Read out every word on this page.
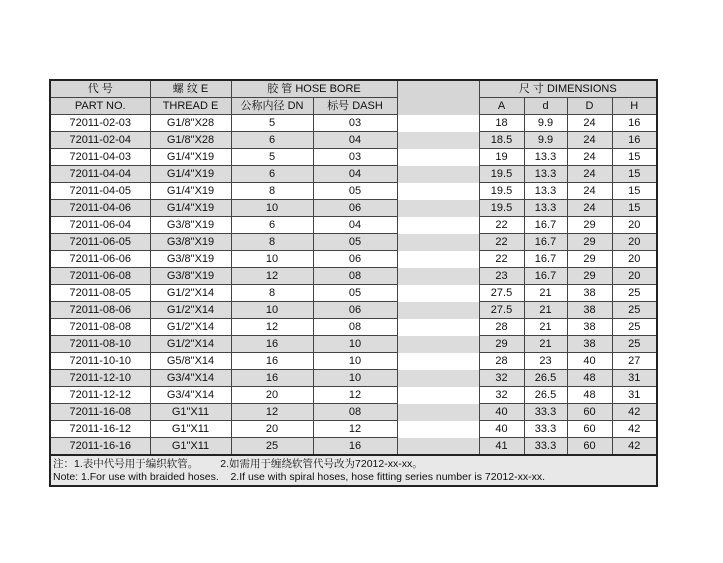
代 号	螺 纹 E	胶 管 HOSE BORE			尺 寸 DIMENSIONS			
PART NO.	THREAD E	公称内径 DN	标号 DASH		A	d	D	H
72011-02-03	G1/8"X28	5	03		18	9.9	24	16
72011-02-04	G1/8"X28	6	04		18.5	9.9	24	16
72011-04-03	G1/4"X19	5	03		19	13.3	24	15
72011-04-04	G1/4"X19	6	04		19.5	13.3	24	15
72011-04-05	G1/4"X19	8	05		19.5	13.3	24	15
72011-04-06	G1/4"X19	10	06		19.5	13.3	24	15
72011-06-04	G3/8"X19	6	04		22	16.7	29	20
72011-06-05	G3/8"X19	8	05		22	16.7	29	20
72011-06-06	G3/8"X19	10	06		22	16.7	29	20
72011-06-08	G3/8"X19	12	08		23	16.7	29	20
72011-08-05	G1/2"X14	8	05		27.5	21	38	25
72011-08-06	G1/2"X14	10	06		27.5	21	38	25
72011-08-08	G1/2"X14	12	08		28	21	38	25
72011-08-10	G1/2"X14	16	10		29	21	38	25
72011-10-10	G5/8"X14	16	10		28	23	40	27
72011-12-10	G3/4"X14	16	10		32	26.5	48	31
72011-12-12	G3/4"X14	20	12		32	26.5	48	31
72011-16-08	G1"X11	12	08		40	33.3	60	42
72011-16-12	G1"X11	20	12		40	33.3	60	42
72011-16-16	G1"X11	25	16		41	33.3	60	42
注：1.表中代号用于编织软管。 2.如需用于缠绕软管代号改为72012-xx-xx。
Note: 1.For use with braided hoses. 2.If use with spiral hoses, hose fitting series number is 72012-xx-xx.
